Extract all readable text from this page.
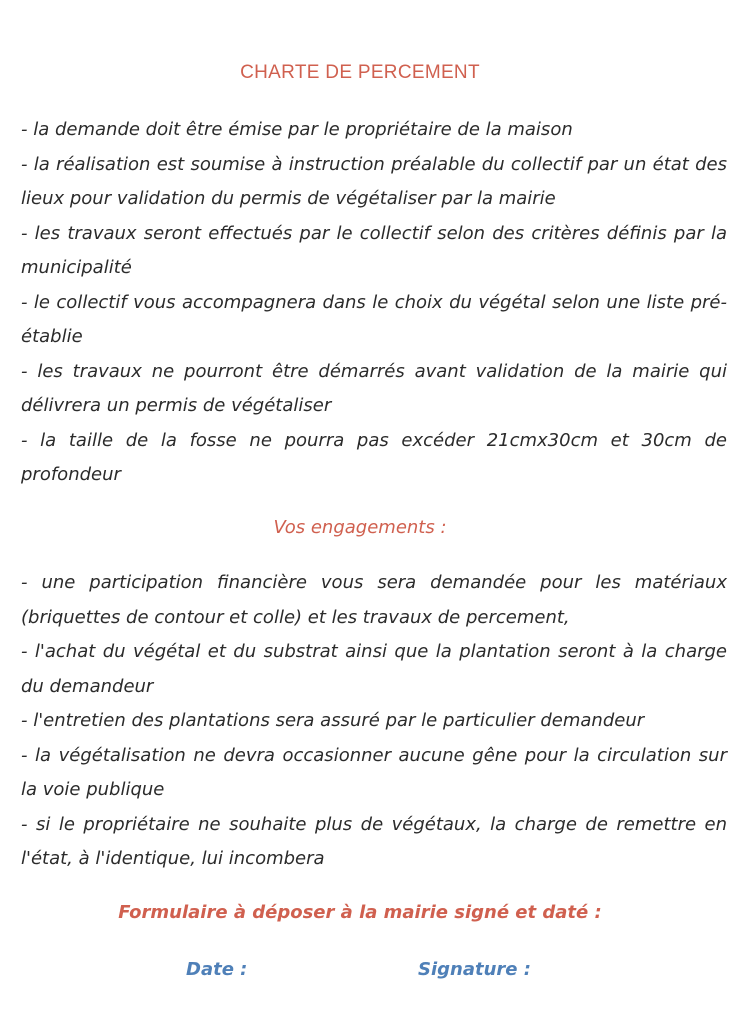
CHARTE DE PERCEMENT
- la demande doit être émise par le propriétaire de la maison
- la réalisation est soumise à instruction préalable du collectif par un état des lieux pour validation du permis de végétaliser par la mairie
- les travaux seront effectués par le collectif selon des critères définis par la municipalité
- le collectif vous accompagnera dans le choix du végétal selon une liste pré-établie
- les travaux ne pourront être démarrés avant validation de la mairie qui délivrera un permis de végétaliser
- la taille de la fosse ne pourra pas excéder 21cmx30cm et 30cm de profondeur
Vos engagements :
- une participation financière vous sera demandée pour les matériaux (briquettes de contour et colle) et les travaux de percement,
- l'achat du végétal et du substrat ainsi que la plantation seront à la charge du demandeur
- l'entretien des plantations sera assuré par le particulier demandeur
- la végétalisation ne devra occasionner aucune gêne pour la circulation sur la voie publique
- si le propriétaire ne souhaite plus de végétaux, la charge de remettre en l'état, à l'identique, lui incombera
Formulaire à déposer à la mairie signé et daté :
Date :	Signature :
